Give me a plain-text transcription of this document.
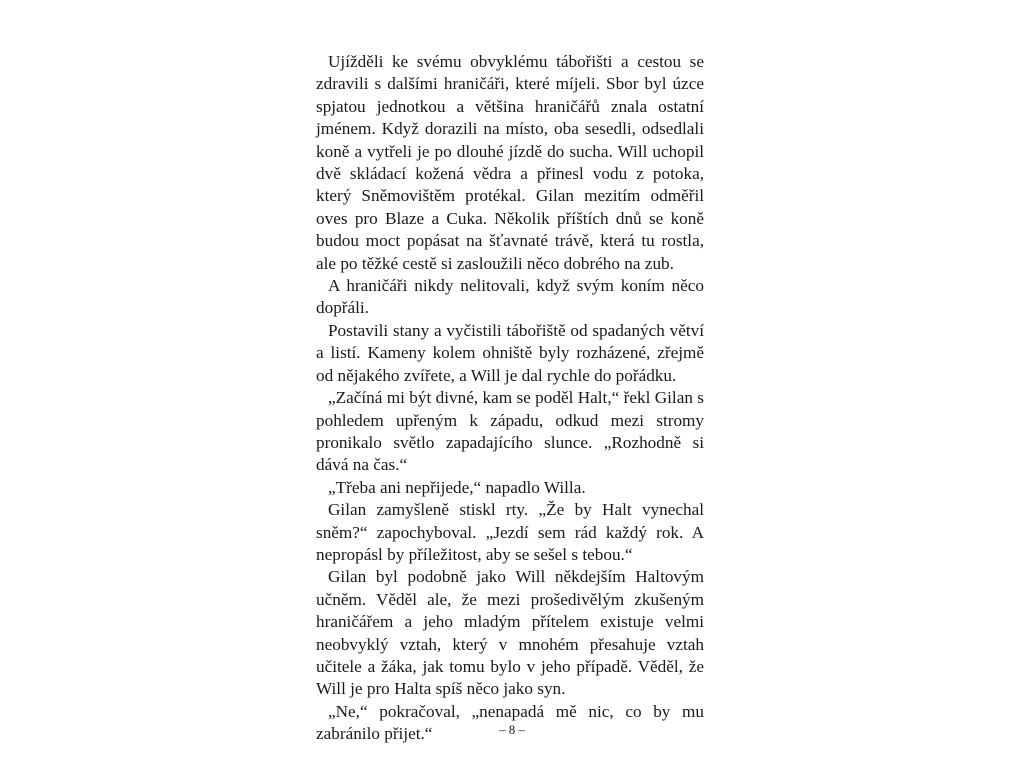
Ujížděli ke svému obvyklému tábořišti a cestou se zdravili s dalšími hraničáři, které míjeli. Sbor byl úzce spjatou jednotkou a většina hraničářů znala ostatní jménem. Když dorazili na místo, oba sesedli, odsedlali koně a vytřeli je po dlouhé jízdě do sucha. Will uchopil dvě skládací kožená vědra a přinesl vodu z potoka, který Sněmovištěm protékal. Gilan mezitím odměřil oves pro Blaze a Cuka. Několik příštích dnů se koně budou moct popásat na šťavnaté trávě, která tu rostla, ale po těžké cestě si zasloužili něco dobrého na zub.

A hraničáři nikdy nelitovali, když svým koním něco dopřáli.

Postavili stany a vyčistili tábořiště od spadaných větví a listí. Kameny kolem ohniště byly rozházené, zřejmě od nějakého zvířete, a Will je dal rychle do pořádku.

„Začíná mi být divné, kam se poděl Halt,“ řekl Gilan s pohledem upřeným k západu, odkud mezi stromy pronikalo světlo zapadajícího slunce. „Rozhodně si dává na čas.“

„Třeba ani nepřijede,“ napadlo Willa.

Gilan zamyšleně stiskl rty. „Že by Halt vynechal sněm?“ zapochyboval. „Jezdí sem rád každý rok. A nepropásl by příležitost, aby se sešel s tebou.“

Gilan byl podobně jako Will někdejším Haltovým učněm. Věděl ale, že mezi prošedivělým zkušeným hraničářem a jeho mladým přítelem existuje velmi neobvyklý vztah, který v mnohém přesahuje vztah učitele a žáka, jak tomu bylo v jeho případě. Věděl, že Will je pro Halta spíš něco jako syn.

„Ne,“ pokračoval, „nenapadá mě nic, co by mu zabránilo přijet.“	– 8 –
